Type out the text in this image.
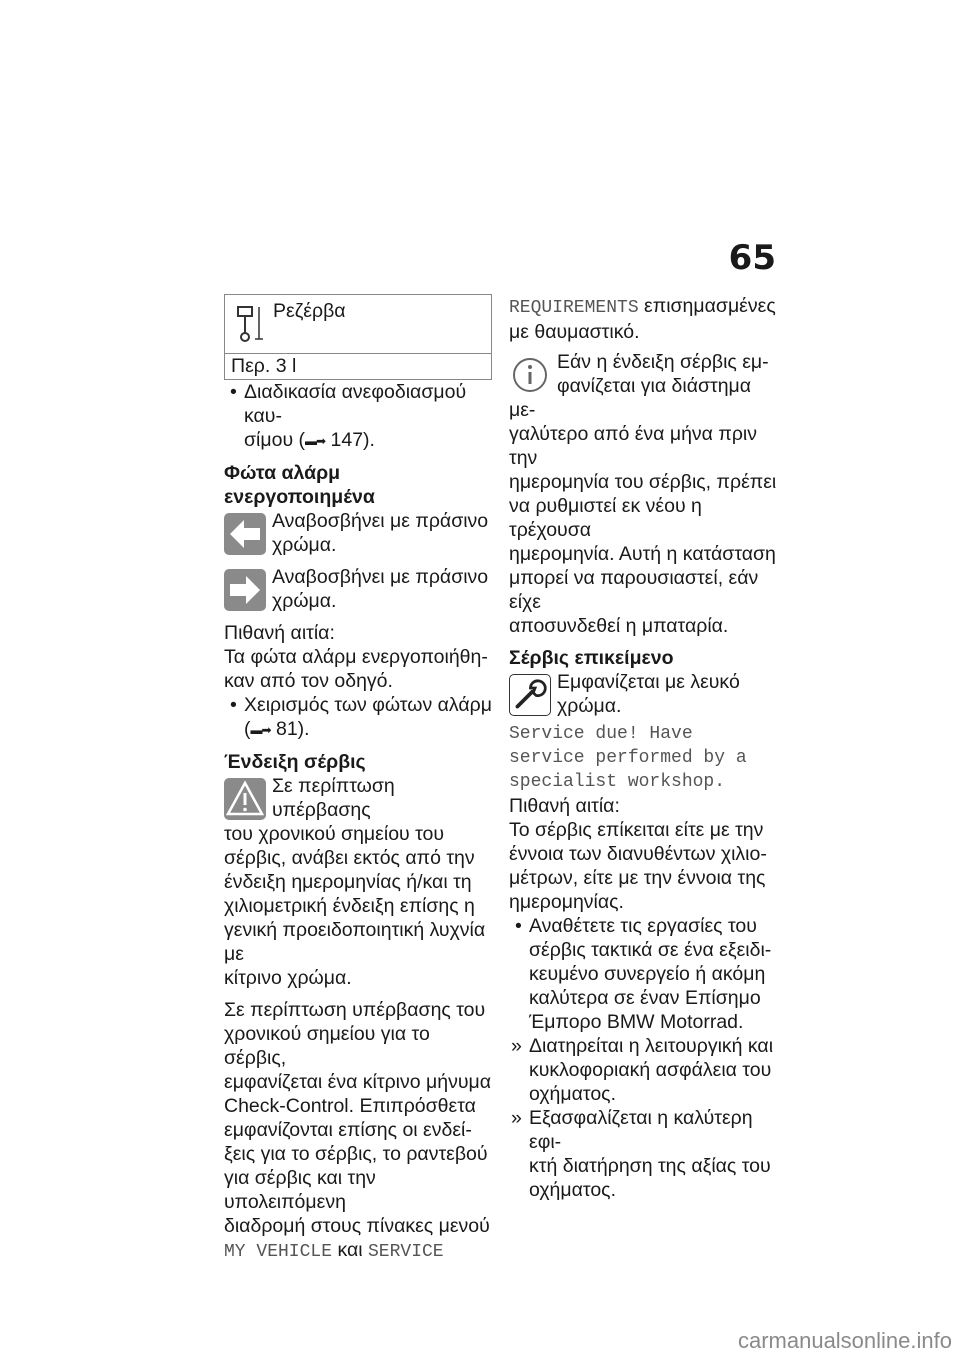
65
Ρεζέρβα
Περ. 3 l
• Διαδικασία ανεφοδιασμού καυ-

σίμου (▬➡ 147).

Φώτα αλάρμ
ενεργοποιημένα

Αναβοσβήνει με πράσινο

χρώμα.

Αναβοσβήνει με πράσινο

χρώμα.

Πιθανή αιτία:

Τα φώτα αλάρμ ενεργοποιήθη-

καν από τον οδηγό.

• Χειρισμός των φώτων αλάρμ

(▬➡ 81).

Ένδειξη σέρβις

Σε περίπτωση υπέρβασης

του χρονικού σημείου του

σέρβις, ανάβει εκτός από την

ένδειξη ημερομηνίας ή/και τη

χιλιομετρική ένδειξη επίσης η

γενική προειδοποιητική λυχνία με

κίτρινο χρώμα.

Σε περίπτωση υπέρβασης του

χρονικού σημείου για το σέρβις,

εμφανίζεται ένα κίτρινο μήνυμα

Check-Control. Επιπρόσθετα

εμφανίζονται επίσης οι ενδεί-

ξεις για το σέρβις, το ραντεβού

για σέρβις και την υπολειπόμενη

διαδρομή στους πίνακες μενού

MY VEHICLE και SERVICE

REQUIREMENTS επισημασμένες

με θαυμαστικό.

Εάν η ένδειξη σέρβις εμ-

φανίζεται για διάστημα με-

γαλύτερο από ένα μήνα πριν την

ημερομηνία του σέρβις, πρέπει

να ρυθμιστεί εκ νέου η τρέχουσα

ημερομηνία. Αυτή η κατάσταση

μπορεί να παρουσιαστεί, εάν είχε

αποσυνδεθεί η μπαταρία.

Σέρβις επικείμενο

Εμφανίζεται με λευκό

χρώμα.

Service due! Have

service performed by a

specialist workshop.

Πιθανή αιτία:

Το σέρβις επίκειται είτε με την

έννοια των διανυθέντων χιλιο-

μέτρων, είτε με την έννοια της

ημερομηνίας.

• Αναθέτετε τις εργασίες του

σέρβις τακτικά σε ένα εξειδι-

κευμένο συνεργείο ή ακόμη

καλύτερα σε έναν Επίσημο

Έμπορο BMW Motorrad.

» Διατηρείται η λειτουργική και

κυκλοφοριακή ασφάλεια του

οχήματος.

» Εξασφαλίζεται η καλύτερη εφι-

κτή διατήρηση της αξίας του

οχήματος.

carmanualsonline.info
